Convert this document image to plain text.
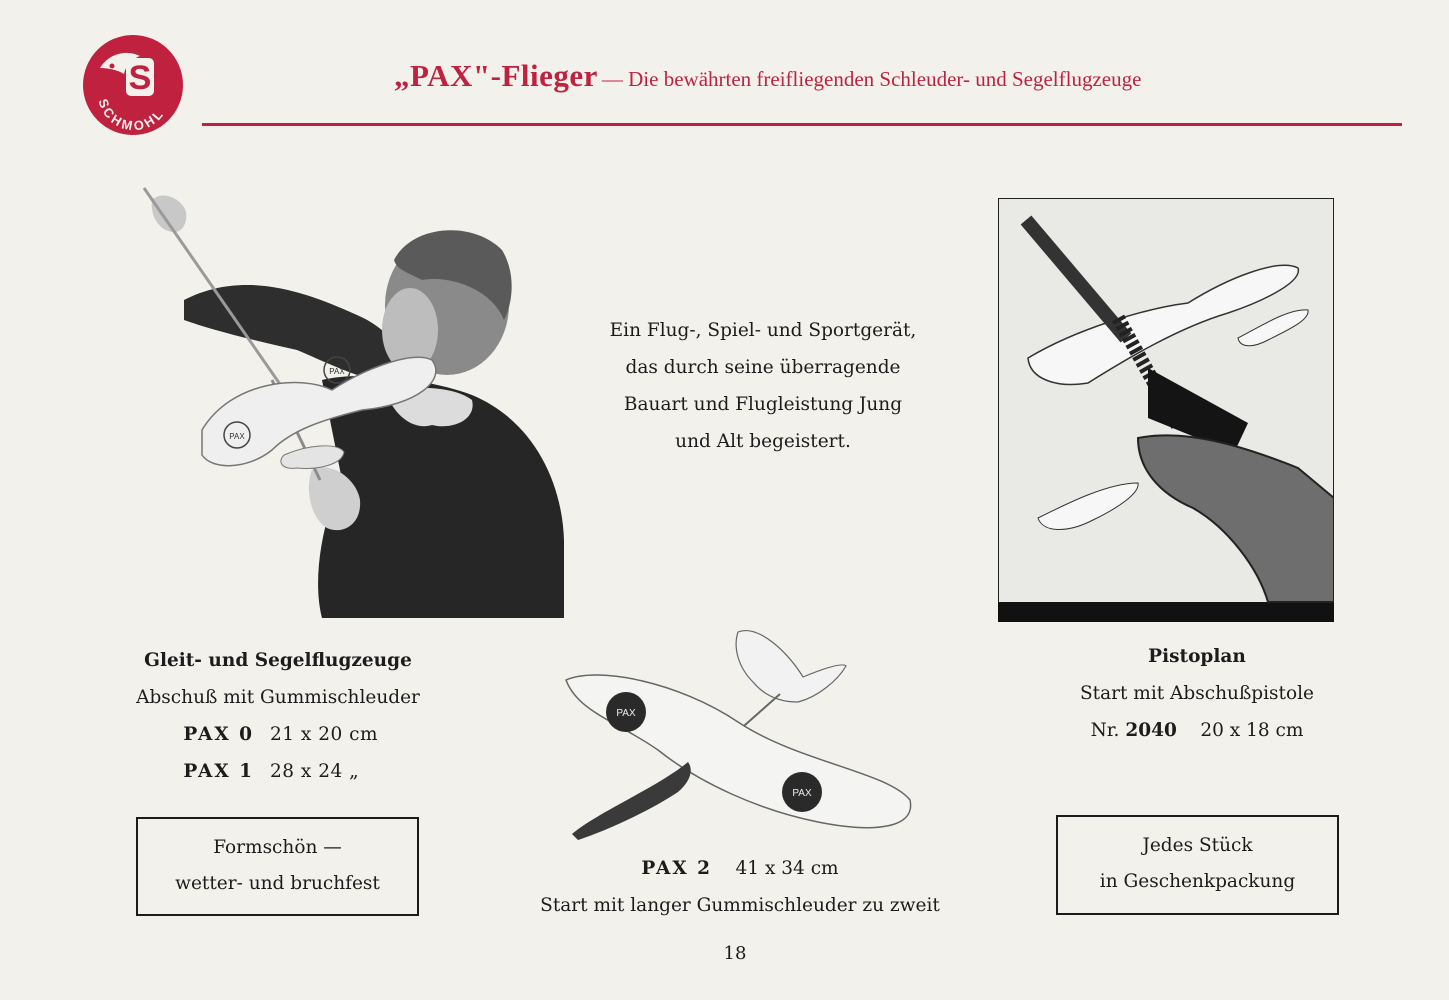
S
SCHMOHL
„PAX"-Flieger — Die bewährten freifliegenden Schleuder- und Segelflugzeuge
PAX
PAX
Ein Flug-, Spiel- und Sportgerät,
das durch seine überragende
Bauart und Flugleistung Jung
und Alt begeistert.
Gleit- und Segelflugzeuge
Abschuß mit Gummischleuder
PAX 0 21 x 20 cm
PAX 1 28 x 24 „
Pistoplan
Start mit Abschußpistole
Nr. 2040 20 x 18 cm
PAX
PAX
PAX 2 41 x 34 cm
Start mit langer Gummischleuder zu zweit
Formschön —
wetter- und bruchfest
Jedes Stück
in Geschenkpackung
18
